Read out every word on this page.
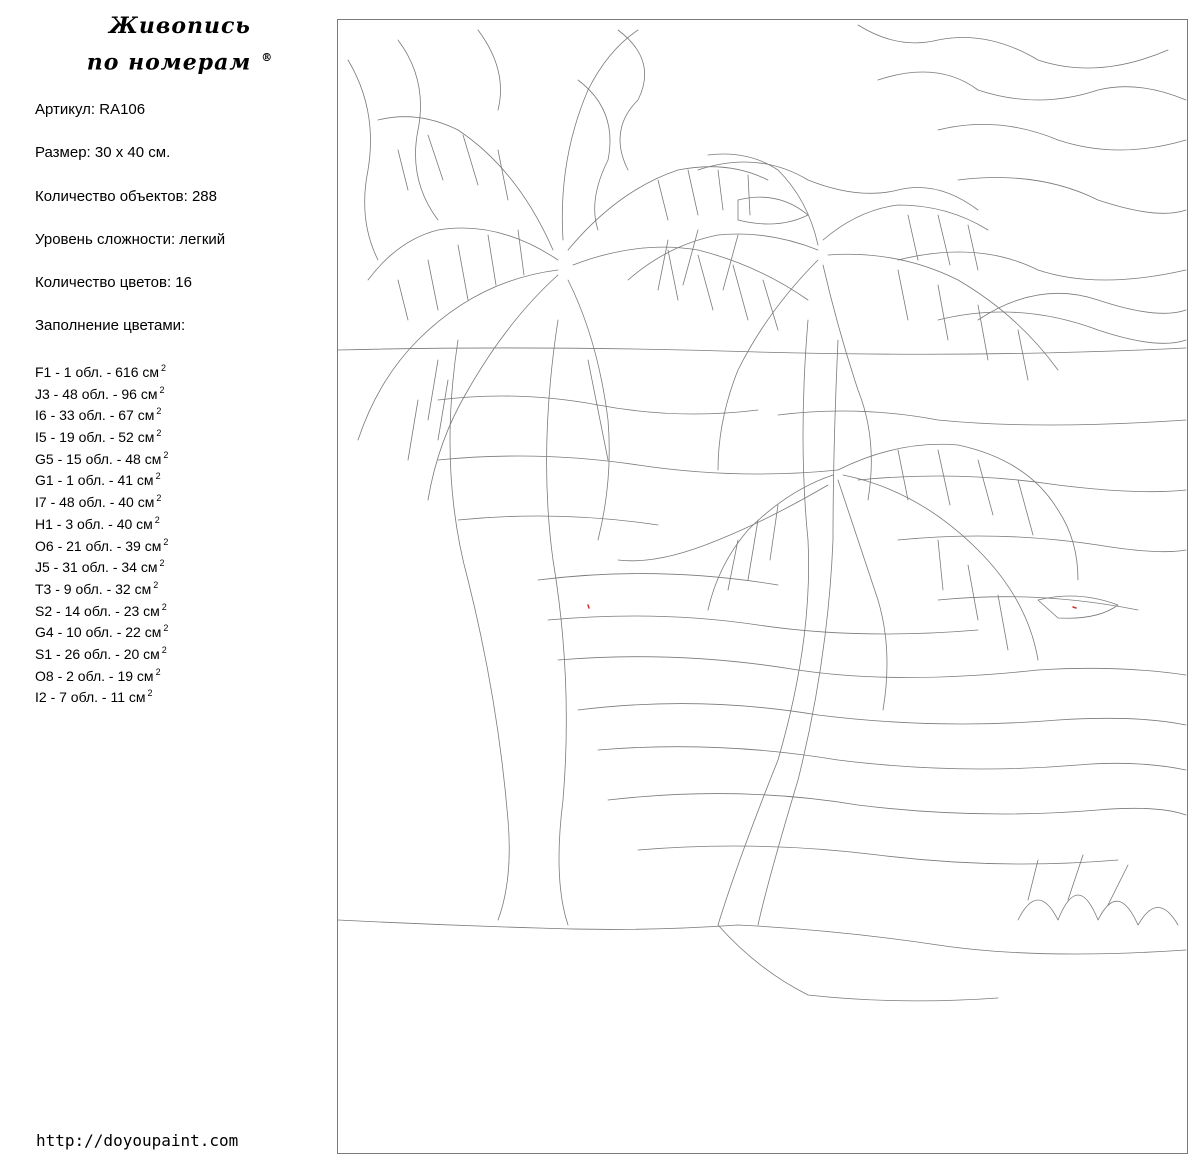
Живопись
по номерам ®
Артикул: RA106
Размер: 30 х 40 см.
Количество объектов: 288
Уровень сложности: легкий
Количество цветов: 16
Заполнение цветами:
F1 - 1 обл. - 616 см $^2$
J3 - 48 обл. - 96 см $^2$
I6 - 33 обл. - 67 см $^2$
I5 - 19 обл. - 52 см $^2$
G5 - 15 обл. - 48 см $^2$
G1 - 1 обл. - 41 см $^2$
I7 - 48 обл. - 40 см $^2$
H1 - 3 обл. - 40 см $^2$
O6 - 21 обл. - 39 см $^2$
J5 - 31 обл. - 34 см $^2$
T3 - 9 обл. - 32 см $^2$
S2 - 14 обл. - 23 см $^2$
G4 - 10 обл. - 22 см $^2$
S1 - 26 обл. - 20 см $^2$
O8 - 2 обл. - 19 см $^2$
I2 - 7 обл. - 11 см $^2$
http://doyoupaint.com
